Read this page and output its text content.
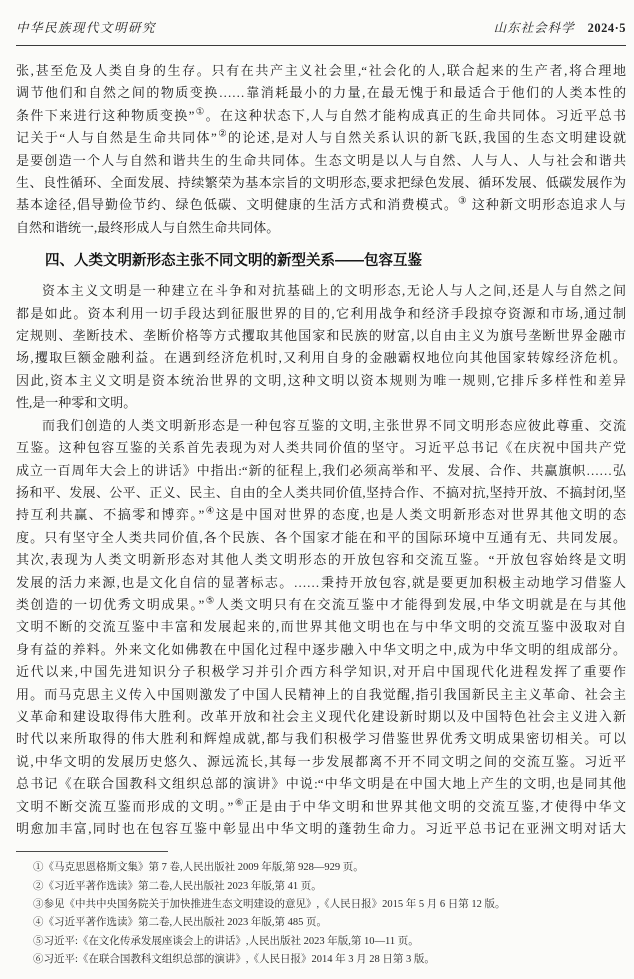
中华民族现代文明研究	山东社会科学 2024·5
张,甚至危及人类自身的生存。只有在共产主义社会里,“社会化的人,联合起来的生产者,将合理地
调节他们和自然之间的物质变换……靠消耗最小的力量,在最无愧于和最适合于他们的人类本性的
条件下来进行这种物质变换”①。在这种状态下,人与自然才能构成真正的生命共同体。习近平总书
记关于“人与自然是生命共同体”②的论述,是对人与自然关系认识的新飞跃,我国的生态文明建设就
是要创造一个人与自然和谐共生的生命共同体。生态文明是以人与自然、人与人、人与社会和谐共
生、良性循环、全面发展、持续繁荣为基本宗旨的文明形态,要求把绿色发展、循环发展、低碳发展作为
基本途径,倡导勤俭节约、绿色低碳、文明健康的生活方式和消费模式。③ 这种新文明形态追求人与
自然和谐统一,最终形成人与自然生命共同体。
四、人类文明新形态主张不同文明的新型关系——包容互鉴
资本主义文明是一种建立在斗争和对抗基础上的文明形态,无论人与人之间,还是人与自然之间
都是如此。资本利用一切手段达到征服世界的目的,它利用战争和经济手段掠夺资源和市场,通过制
定规则、垄断技术、垄断价格等方式攫取其他国家和民族的财富,以自由主义为旗号垄断世界金融市
场,攫取巨额金融利益。在遇到经济危机时,又利用自身的金融霸权地位向其他国家转嫁经济危机。
因此,资本主义文明是资本统治世界的文明,这种文明以资本规则为唯一规则,它排斥多样性和差异
性,是一种零和文明。
而我们创造的人类文明新形态是一种包容互鉴的文明,主张世界不同文明形态应彼此尊重、交流
互鉴。这种包容互鉴的关系首先表现为对人类共同价值的坚守。习近平总书记《在庆祝中国共产党
成立一百周年大会上的讲话》中指出:“新的征程上,我们必须高举和平、发展、合作、共赢旗帜……弘
扬和平、发展、公平、正义、民主、自由的全人类共同价值,坚持合作、不搞对抗,坚持开放、不搞封闭,坚
持互利共赢、不搞零和博弈。”④这是中国对世界的态度,也是人类文明新形态对世界其他文明的态
度。只有坚守全人类共同价值,各个民族、各个国家才能在和平的国际环境中互通有无、共同发展。
其次,表现为人类文明新形态对其他人类文明形态的开放包容和交流互鉴。“开放包容始终是文明
发展的活力来源,也是文化自信的显著标志。……秉持开放包容,就是要更加积极主动地学习借鉴人
类创造的一切优秀文明成果。”⑤人类文明只有在交流互鉴中才能得到发展,中华文明就是在与其他
文明不断的交流互鉴中丰富和发展起来的,而世界其他文明也在与中华文明的交流互鉴中汲取对自
身有益的养料。外来文化如佛教在中国化过程中逐步融入中华文明之中,成为中华文明的组成部分。
近代以来,中国先进知识分子积极学习并引介西方科学知识,对开启中国现代化进程发挥了重要作
用。而马克思主义传入中国则激发了中国人民精神上的自我觉醒,指引我国新民主主义革命、社会主
义革命和建设取得伟大胜利。改革开放和社会主义现代化建设新时期以及中国特色社会主义进入新
时代以来所取得的伟大胜利和辉煌成就,都与我们积极学习借鉴世界优秀文明成果密切相关。可以
说,中华文明的发展历史悠久、源远流长,其每一步发展都离不开不同文明之间的交流互鉴。习近平
总书记《在联合国教科文组织总部的演讲》中说:“中华文明是在中国大地上产生的文明,也是同其他
文明不断交流互鉴而形成的文明。”⑥正是由于中华文明和世界其他文明的交流互鉴,才使得中华文
明愈加丰富,同时也在包容互鉴中彰显出中华文明的蓬勃生命力。习近平总书记在亚洲文明对话大
①《马克思恩格斯文集》第 7 卷,人民出版社 2009 年版,第 928—929 页。
②《习近平著作选读》第二卷,人民出版社 2023 年版,第 41 页。
③参见《中共中央国务院关于加快推进生态文明建设的意见》,《人民日报》2015 年 5 月 6 日第 12 版。
④《习近平著作选读》第二卷,人民出版社 2023 年版,第 485 页。
⑤习近平:《在文化传承发展座谈会上的讲话》,人民出版社 2023 年版,第 10—11 页。
⑥习近平:《在联合国教科文组织总部的演讲》,《人民日报》2014 年 3 月 28 日第 3 版。
